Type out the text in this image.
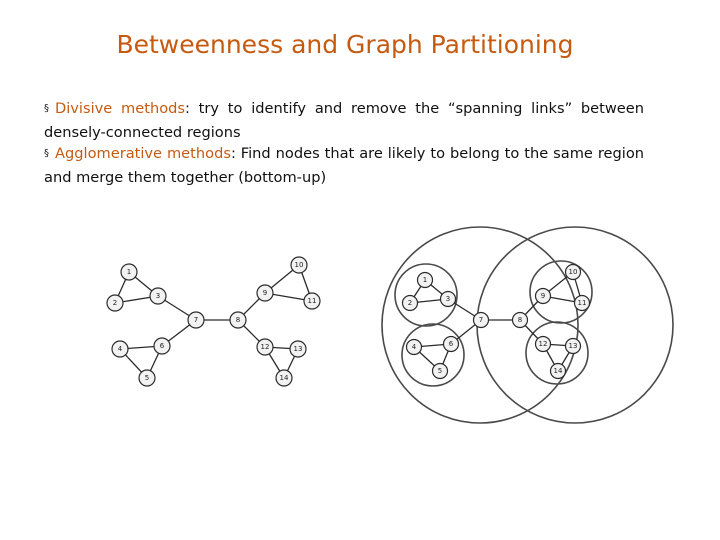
Betweenness and Graph Partitioning
§ Divisive methods: try to identify and remove the “spanning links” between densely-connected regions
§ Agglomerative methods: Find nodes that are likely to belong to the same region and merge them together (bottom-up)
1
2
3
4
5
6
7	8
9
10
11
12	13
14
1
2	3
4
5
6
7	8
9
10
11
12	13
14
